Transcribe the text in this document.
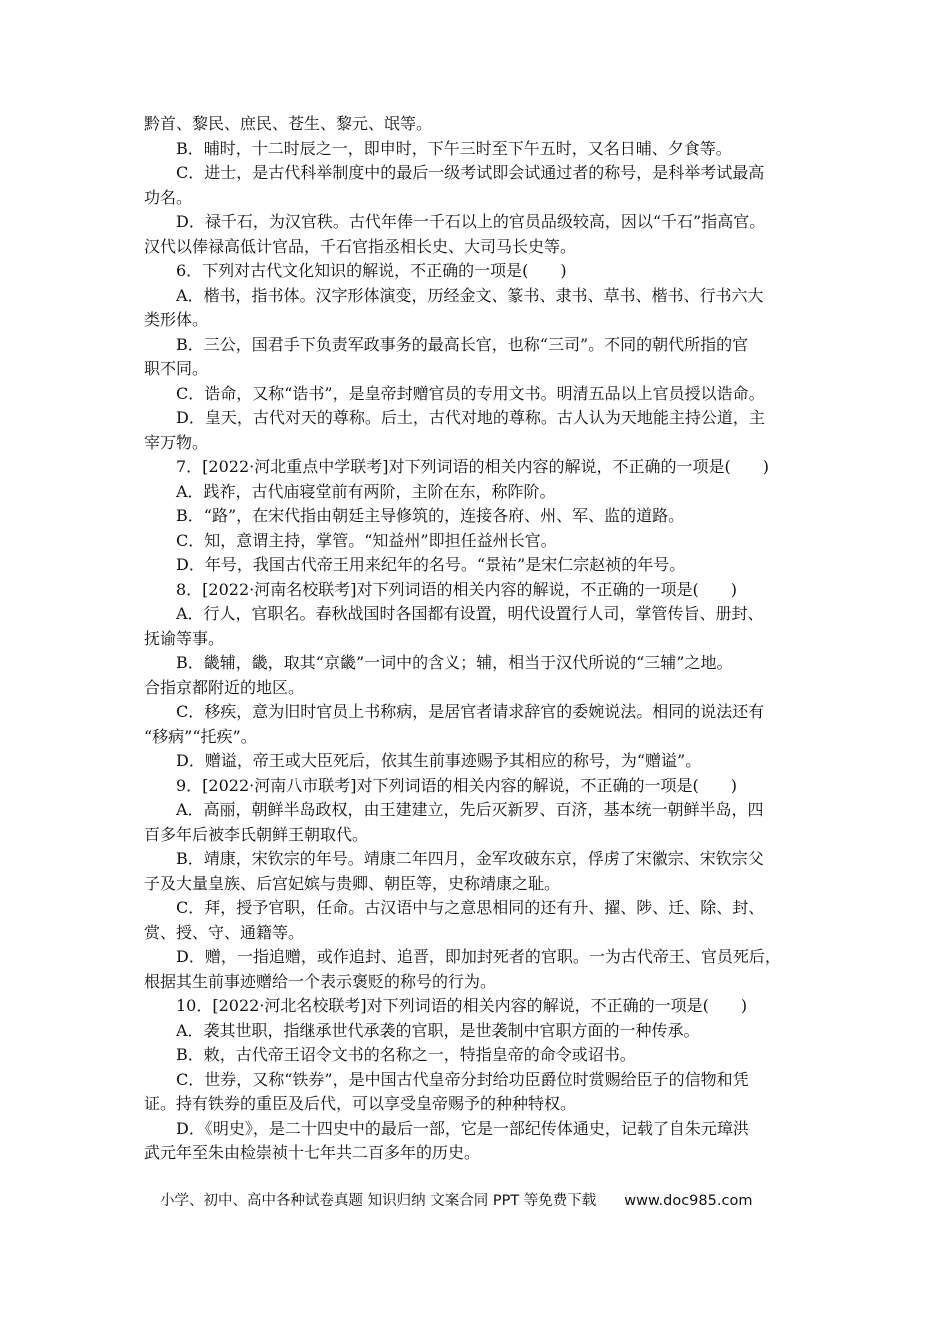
黔首、黎民、庶民、苍生、黎元、氓等。
B．晡时，十二时辰之一，即申时，下午三时至下午五时，又名日晡、夕食等。
C．进士，是古代科举制度中的最后一级考试即会试通过者的称号，是科举考试最高
功名。
D．禄千石，为汉官秩。古代年俸一千石以上的官员品级较高，因以“千石”指高官。
汉代以俸禄高低计官品，千石官指丞相长史、大司马长史等。
6．下列对古代文化知识的解说，不正确的一项是(　　)
A．楷书，指书体。汉字形体演变，历经金文、篆书、隶书、草书、楷书、行书六大
类形体。
B．三公，国君手下负责军政事务的最高长官，也称“三司”。不同的朝代所指的官
职不同。
C．诰命，又称“诰书”，是皇帝封赠官员的专用文书。明清五品以上官员授以诰命。
D．皇天，古代对天的尊称。后土，古代对地的尊称。古人认为天地能主持公道，主
宰万物。
7．[2022·河北重点中学联考]对下列词语的相关内容的解说，不正确的一项是(　　)
A．践祚，古代庙寝堂前有两阶，主阶在东，称阼阶。
B．“路”，在宋代指由朝廷主导修筑的，连接各府、州、军、监的道路。
C．知，意谓主持，掌管。“知益州”即担任益州长官。
D．年号，我国古代帝王用来纪年的名号。“景祐”是宋仁宗赵祯的年号。
8．[2022·河南名校联考]对下列词语的相关内容的解说，不正确的一项是(　　)
A．行人，官职名。春秋战国时各国都有设置，明代设置行人司，掌管传旨、册封、
抚谕等事。
B．畿辅，畿，取其“京畿”一词中的含义；辅，相当于汉代所说的“三辅”之地。
合指京都附近的地区。
C．移疾，意为旧时官员上书称病，是居官者请求辞官的委婉说法。相同的说法还有
“移病”“托疾”。
D．赠谥，帝王或大臣死后，依其生前事迹赐予其相应的称号，为“赠谥”。
9．[2022·河南八市联考]对下列词语的相关内容的解说，不正确的一项是(　　)
A．高丽，朝鲜半岛政权，由王建建立，先后灭新罗、百济，基本统一朝鲜半岛，四
百多年后被李氏朝鲜王朝取代。
B．靖康，宋钦宗的年号。靖康二年四月，金军攻破东京，俘虏了宋徽宗、宋钦宗父
子及大量皇族、后宫妃嫔与贵卿、朝臣等，史称靖康之耻。
C．拜，授予官职，任命。古汉语中与之意思相同的还有升、擢、陟、迁、除、封、
赏、授、守、通籍等。
D．赠，一指追赠，或作追封、追晋，即加封死者的官职。一为古代帝王、官员死后，
根据其生前事迹赠给一个表示褒贬的称号的行为。
10．[2022·河北名校联考]对下列词语的相关内容的解说，不正确的一项是(　　)
A．袭其世职，指继承世代承袭的官职，是世袭制中官职方面的一种传承。
B．敕，古代帝王诏令文书的名称之一，特指皇帝的命令或诏书。
C．世券，又称“铁券”，是中国古代皇帝分封给功臣爵位时赏赐给臣子的信物和凭
证。持有铁券的重臣及后代，可以享受皇帝赐予的种种特权。
D．《明史》，是二十四史中的最后一部，它是一部纪传体通史，记载了自朱元璋洪
武元年至朱由检崇祯十七年共二百多年的历史。
小学、初中、高中各种试卷真题 知识归纳 文案合同 PPT 等免费下载 www.doc985.com
